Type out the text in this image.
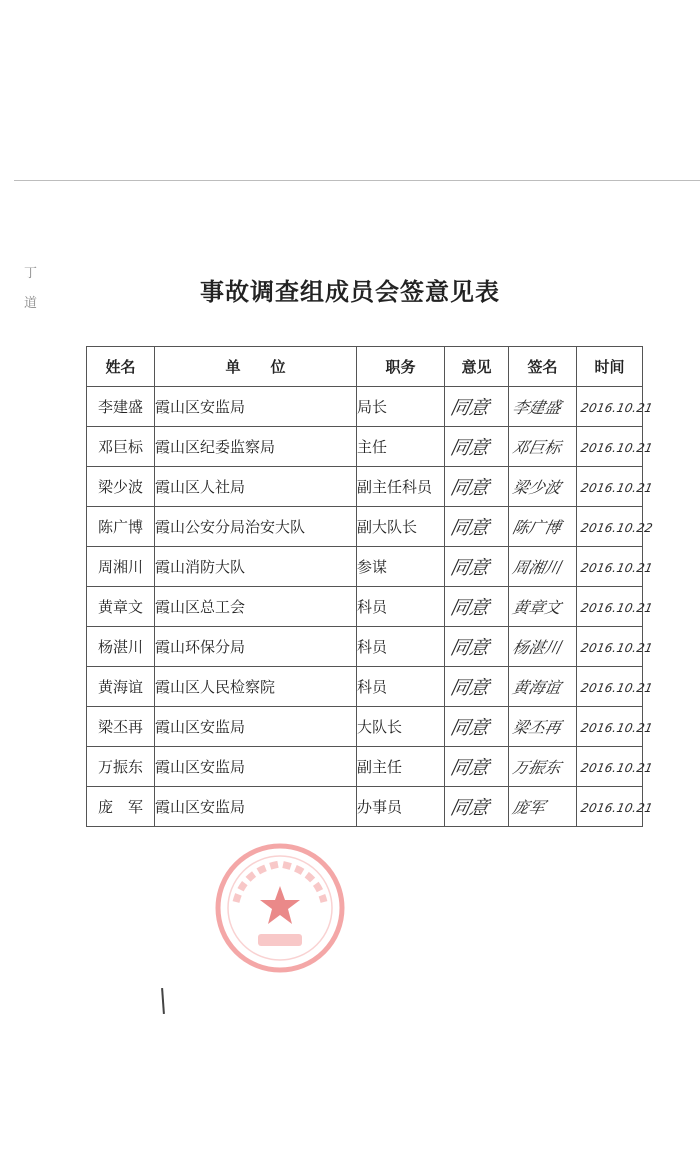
丁
道	事故调查组成员会签意见表
姓名	单　　位	职务	意见	签名	时间
李建盛	霞山区安监局	局长	同意	李建盛	2016.10.21
邓巨标	霞山区纪委监察局	主任	同意	邓巨标	2016.10.21
梁少波	霞山区人社局	副主任科员	同意	梁少波	2016.10.21
陈广博	霞山公安分局治安大队	副大队长	同意	陈广博	2016.10.22
周湘川	霞山消防大队	参谋	同意	周湘川	2016.10.21
黄章文	霞山区总工会	科员	同意	黄章文	2016.10.21
杨湛川	霞山环保分局	科员	同意	杨湛川	2016.10.21
黄海谊	霞山区人民检察院	科员	同意	黄海谊	2016.10.21
梁丕再	霞山区安监局	大队长	同意	梁丕再	2016.10.21
万振东	霞山区安监局	副主任	同意	万振东	2016.10.21
庞　军	霞山区安监局	办事员	同意	庞军	2016.10.21
